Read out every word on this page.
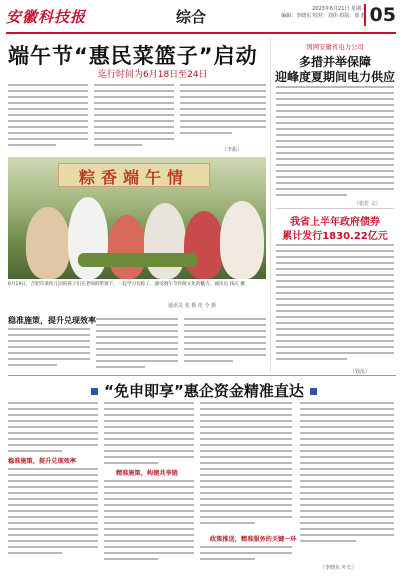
安徽科技报	综合	2023年6月21日 星期三
编辑：李晓东 校对：刘伟 组版：徐 静 05
端午节“惠民菜篮子”启动
迄行时间为6月18日至24日
（李振）
粽香端午情
6月19日，合肥市某幼儿园的孩子们在老师的带领下，一起学习包粽子，感受端午节传统文化的魅力。通讯员 钱庆 摄
通讯员 张 摄 范 今 摄
稳准施策，提升兑现效率
国网安徽省电力公司
多措并举保障
迎峰度夏期间电力供应
（张若 文）
我省上半年政府债券
累计发行1830.22亿元
（钱泓）
“免申即享”惠企资金精准直达
稳准施策，提升兑现效率
精准施策，构建共享链
政策推送，精准服务的关键一环
（李晓东 叶长）
